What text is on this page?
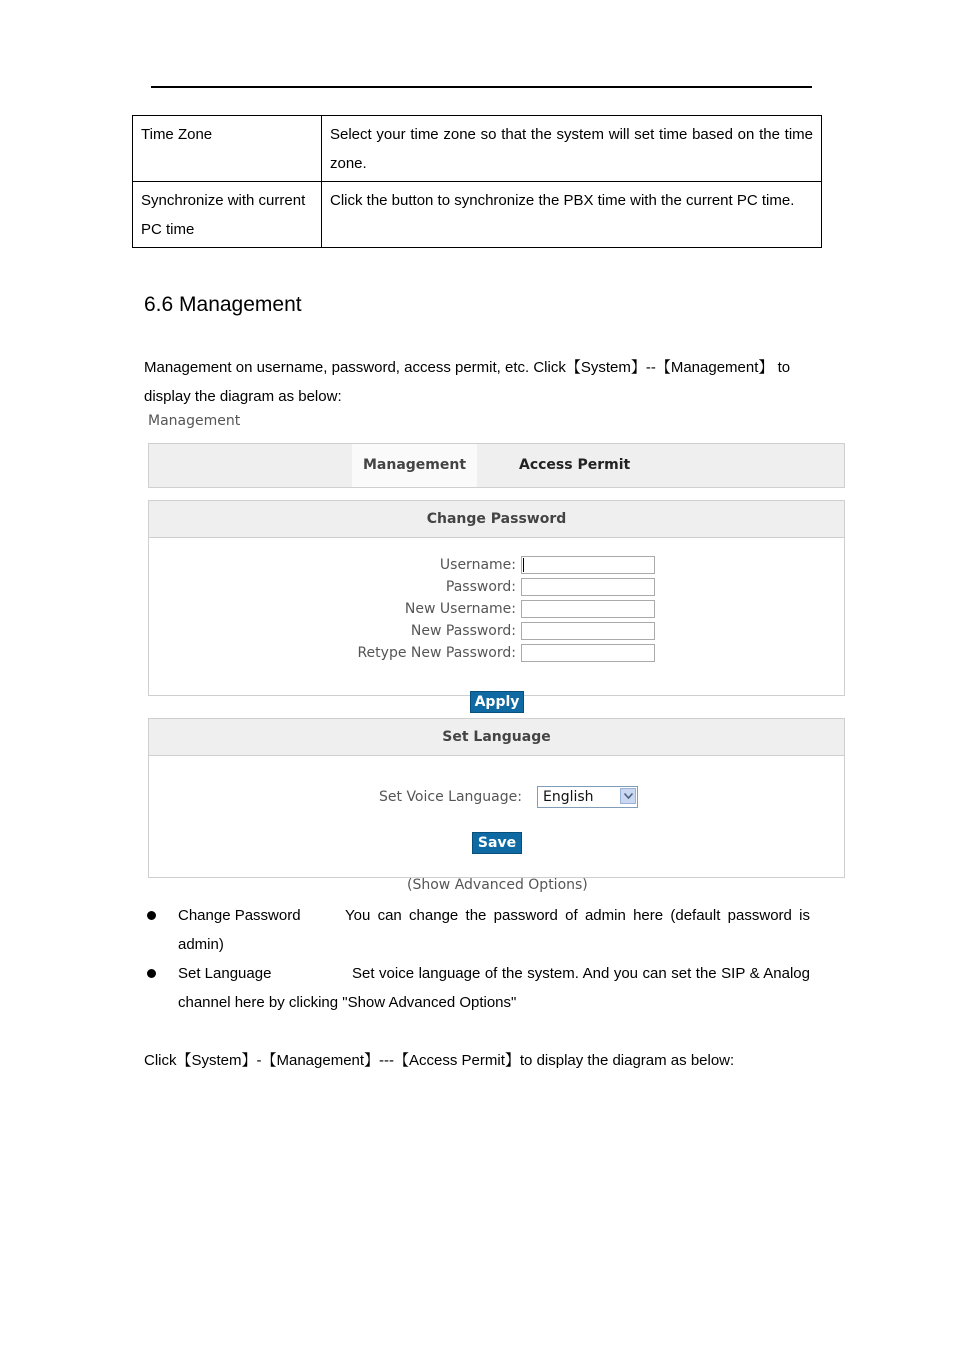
Time Zone	Select your time zone so that the system will set time based on the time zone.
Synchronize with current PC time	Click the button to synchronize the PBX time with the current PC time.
6.6 Management
Management on username, password, access permit, etc. Click【System】--【Management】 to display the diagram as below:
Management
Management	Access Permit
Change Password
Username:
Password:
New Username:
New Password:
Retype New Password:
Apply
Set Language
Set Voice Language: English
Save
(Show Advanced Options)
Change Password	You can change the password of admin here (default password is admin)
Set Language	Set voice language of the system. And you can set the SIP & Analog channel here by clicking "Show Advanced Options"
Click【System】-【Management】---【Access Permit】to display the diagram as below:
